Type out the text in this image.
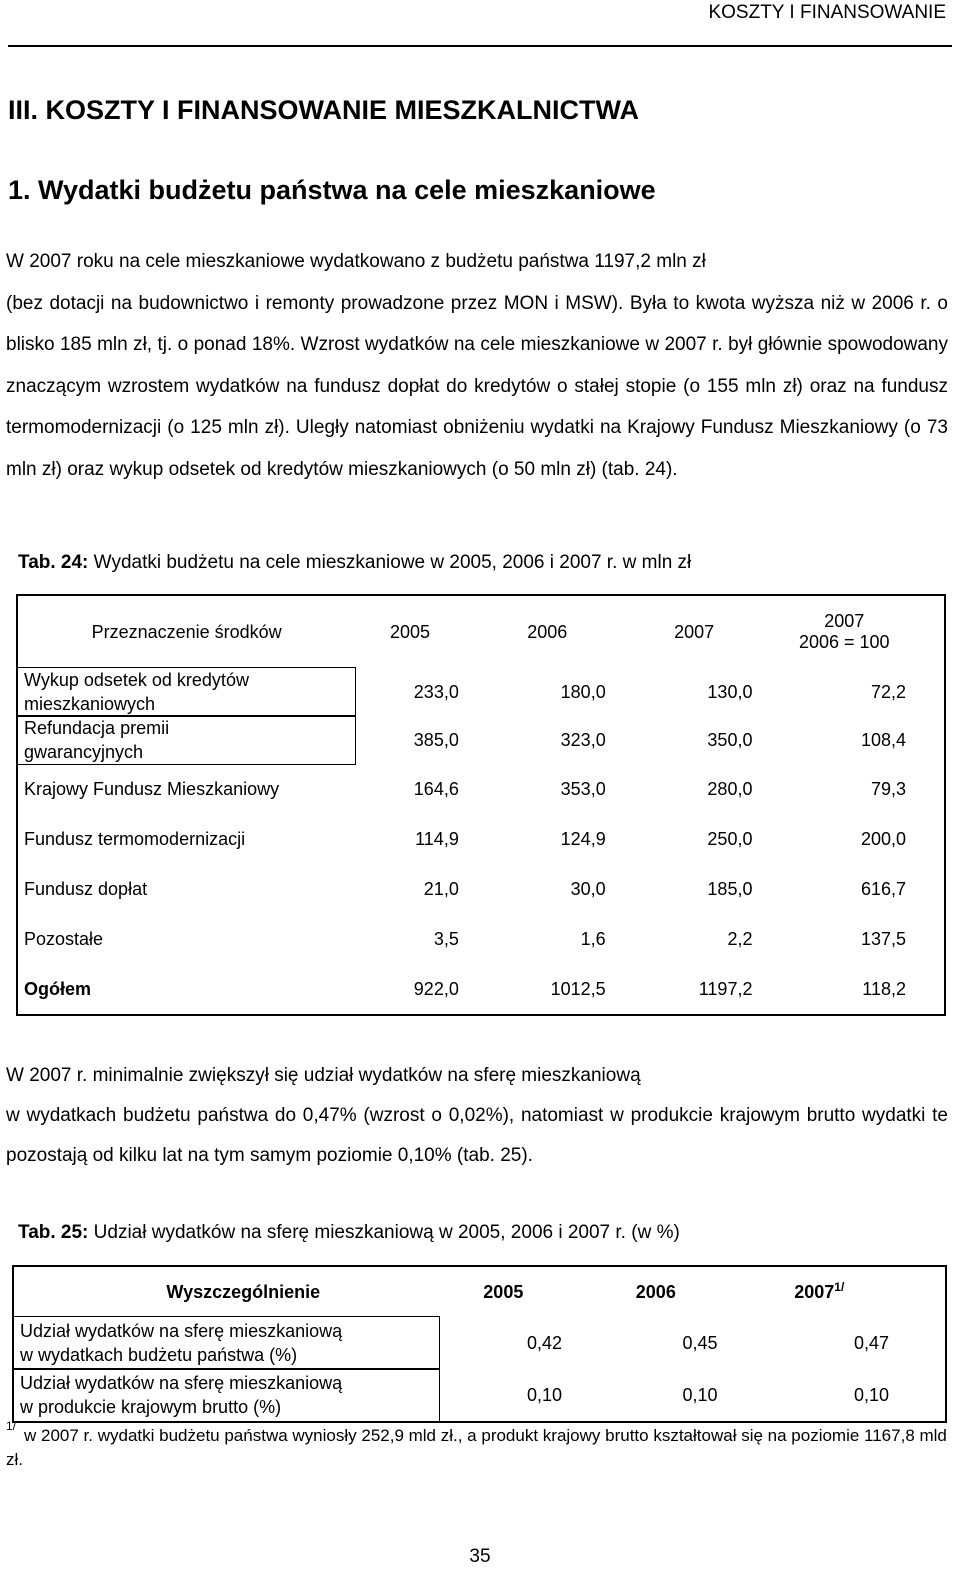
KOSZTY I FINANSOWANIE
III. KOSZTY I FINANSOWANIE MIESZKALNICTWA
1. Wydatki budżetu państwa na cele mieszkaniowe

W 2007 roku na cele mieszkaniowe wydatkowano z budżetu państwa 1197,2 mln zł
(bez dotacji na budownictwo i remonty prowadzone przez MON i MSW). Była to kwota wyższa niż w 2006 r. o blisko 185 mln zł, tj. o ponad 18%. Wzrost wydatków na cele mieszkaniowe w 2007 r. był głównie spowodowany znaczącym wzrostem wydatków na fundusz dopłat do kredytów o stałej stopie (o 155 mln zł) oraz na fundusz termomodernizacji (o 125 mln zł). Uległy natomiast obniżeniu wydatki na Krajowy Fundusz Mieszkaniowy (o 73 mln zł) oraz wykup odsetek od kredytów mieszkaniowych (o 50 mln zł) (tab. 24).

Tab. 24: Wydatki budżetu na cele mieszkaniowe w 2005, 2006 i 2007 r. w mln zł

Przeznaczenie środków	2005	2006	2007	2007
2006 = 100

Wykup odsetek od kredytów
mieszkaniowych	233,0	180,0	130,0	72,2

Refundacja premii
gwarancyjnych	385,0	323,0	350,0	108,4
Krajowy Fundusz Mieszkaniowy	164,6	353,0	280,0	79,3
Fundusz termomodernizacji	114,9	124,9	250,0	200,0
Fundusz dopłat	21,0	30,0	185,0	616,7
Pozostałe	3,5	1,6	2,2	137,5
Ogółem	922,0	1012,5	1197,2	118,2

W 2007 r. minimalnie zwiększył się udział wydatków na sferę mieszkaniową
w wydatkach budżetu państwa do 0,47% (wzrost o 0,02%), natomiast w produkcie krajowym brutto wydatki te pozostają od kilku lat na tym samym poziomie 0,10% (tab. 25).

Tab. 25: Udział wydatków na sferę mieszkaniową w 2005, 2006 i 2007 r. (w %)

Wyszczególnienie	2005	2006	$2007^{1/}$

Udział wydatków na sferę mieszkaniową
w wydatkach budżetu państwa (%)	0,42	0,45	0,47

Udział wydatków na sferę mieszkaniową
w produkcie krajowym brutto (%)	0,10	0,10	0,10

$^{1/}$ w 2007 r. wydatki budżetu państwa wyniosły 252,9 mld zł., a produkt krajowy brutto kształtował się na poziomie 1167,8 mld zł.

35
